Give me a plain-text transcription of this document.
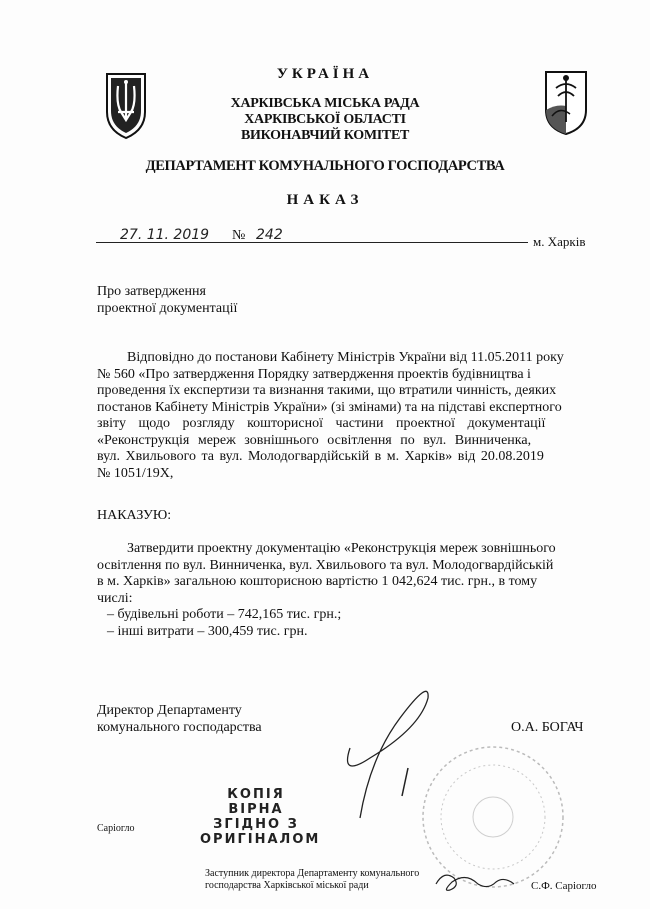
УКРАЇНА
ХАРКІВСЬКА МІСЬКА РАДА
ХАРКІВСЬКОЇ ОБЛАСТІ
ВИКОНАВЧИЙ КОМІТЕТ
ДЕПАРТАМЕНТ КОМУНАЛЬНОГО ГОСПОДАРСТВА
НАКАЗ
27. 11. 2019 № 242	м. Харків
Про затвердження
проектної документації
Відповідно до постанови Кабінету Міністрів України від 11.05.2011 року
№ 560 «Про затвердження Порядку затвердження проектів будівництва і
проведення їх експертизи та визнання такими, що втратили чинність, деяких
постанов Кабінету Міністрів України» (зі змінами) та на підставі експертного
звіту щодо розгляду кошторисної частини проектної документації
«Реконструкція мереж зовнішнього освітлення по вул. Винниченка,
вул. Хвильового та вул. Молодогвардійській в м. Харків» від 20.08.2019
№ 1051/19Х,
НАКАЗУЮ:
Затвердити проектну документацію «Реконструкція мереж зовнішнього
освітлення по вул. Винниченка, вул. Хвильового та вул. Молодогвардійській
в м. Харків» загальною кошторисною вартістю 1 042,624 тис. грн., в тому
числі:
– будівельні роботи – 742,165 тис. грн.;
– інші витрати – 300,459 тис. грн.
Директор Департаменту
комунального господарства	О.А. БОГАЧ
КОПІЯ ВІРНА
ЗГІДНО З
ОРИГІНАЛОМ
Саріогло
Заступник директора Департаменту комунального
господарства Харківської міської ради	С.Ф. Саріогло
